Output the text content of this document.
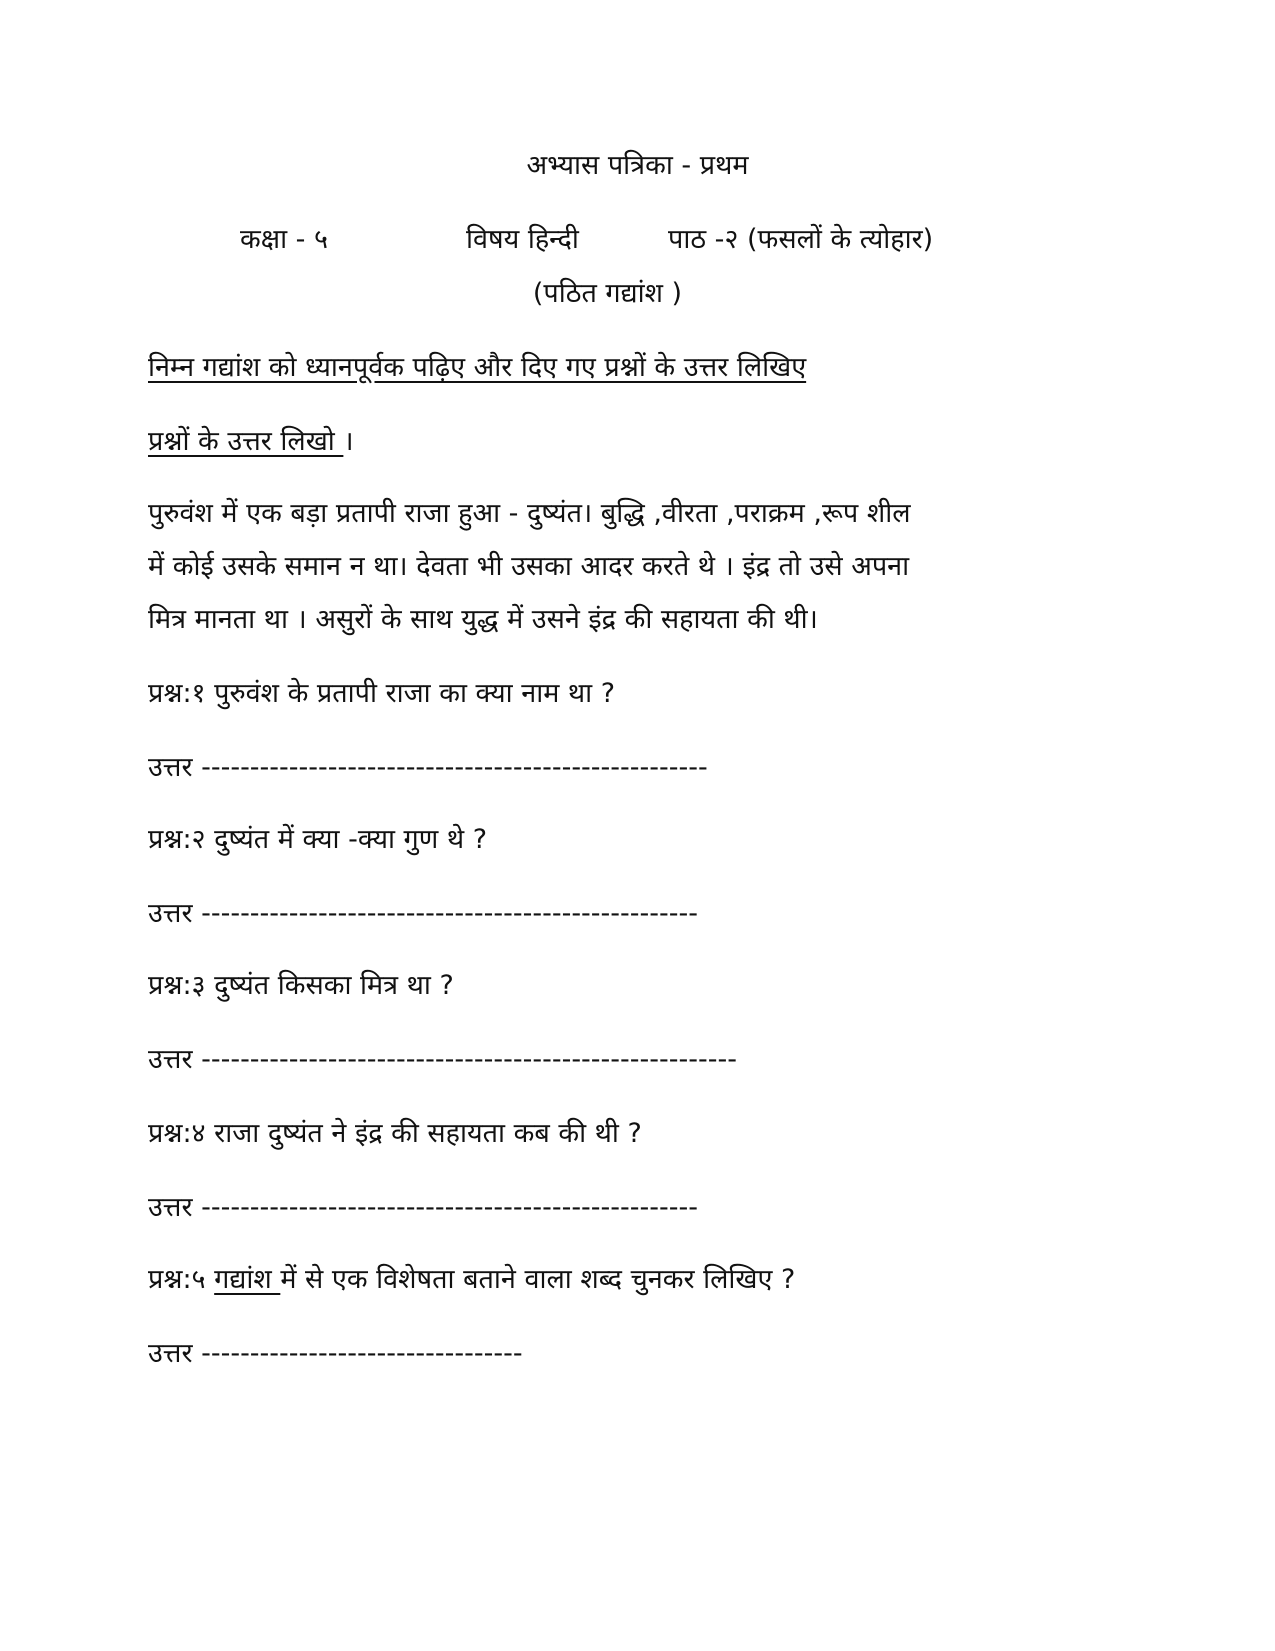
अभ्यास पत्रिका - प्रथम
कक्षा - ५	विषय हिन्दी	पाठ -२ (फसलों के त्योहार)
(पठित गद्यांश )
निम्न गद्यांश को ध्यानपूर्वक पढ़िए और दिए गए प्रश्नों के उत्तर लिखिए
प्रश्नों के उत्तर लिखो ।
पुरुवंश में एक बड़ा प्रतापी राजा हुआ - दुष्यंत। बुद्धि ,वीरता ,पराक्रम ,रूप शील
में कोई उसके समान न था। देवता भी उसका आदर करते थे । इंद्र तो उसे अपना
मित्र मानता था । असुरों के साथ युद्ध में उसने इंद्र की सहायता की थी।
प्रश्न:१ पुरुवंश के प्रतापी राजा का क्या नाम था ?
उत्तर ----------------------------------------------------
प्रश्न:२ दुष्यंत में क्या -क्या गुण थे ?
उत्तर ---------------------------------------------------
प्रश्न:३ दुष्यंत किसका मित्र था ?
उत्तर -------------------------------------------------------
प्रश्न:४ राजा दुष्यंत ने इंद्र की सहायता कब की थी ?
उत्तर ---------------------------------------------------
प्रश्न:५ गद्यांश में से एक विशेषता बताने वाला शब्द चुनकर लिखिए ?
उत्तर ---------------------------------
